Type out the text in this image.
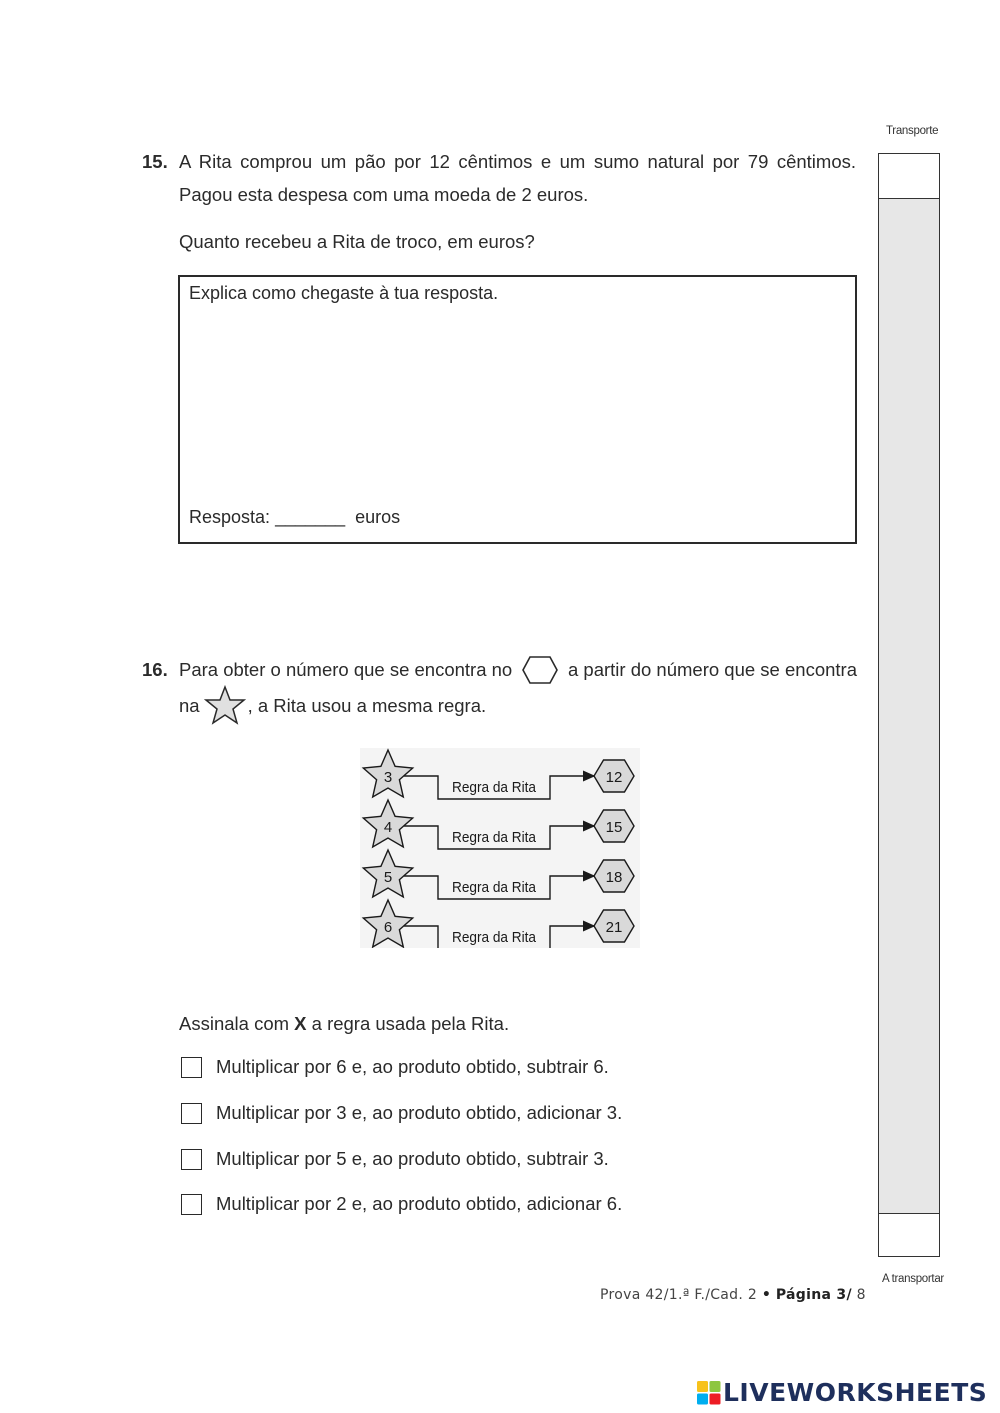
Transporte
A transportar
15. A Rita comprou um pão por 12 cêntimos e um sumo natural por 79 cêntimos.
Pagou esta despesa com uma moeda de 2 euros.
Quanto recebeu a Rita de troco, em euros?
Explica como chegaste à tua resposta.
Resposta: _______ euros
16. Para obter o número que se encontra no	a partir do número que se encontra
na	, a Rita usou a mesma regra.
3
Regra da Rita
12
4
Regra da Rita
15
5
Regra da Rita
18
6
Regra da Rita
21
Assinala com X a regra usada pela Rita.
Multiplicar por 6 e, ao produto obtido, subtrair 6.
Multiplicar por 3 e, ao produto obtido, adicionar 3.
Multiplicar por 5 e, ao produto obtido, subtrair 3.
Multiplicar por 2 e, ao produto obtido, adicionar 6.
Prova 42/1.ª F./Cad. 2 • Página 3/ 8
LIVEWORKSHEETS
